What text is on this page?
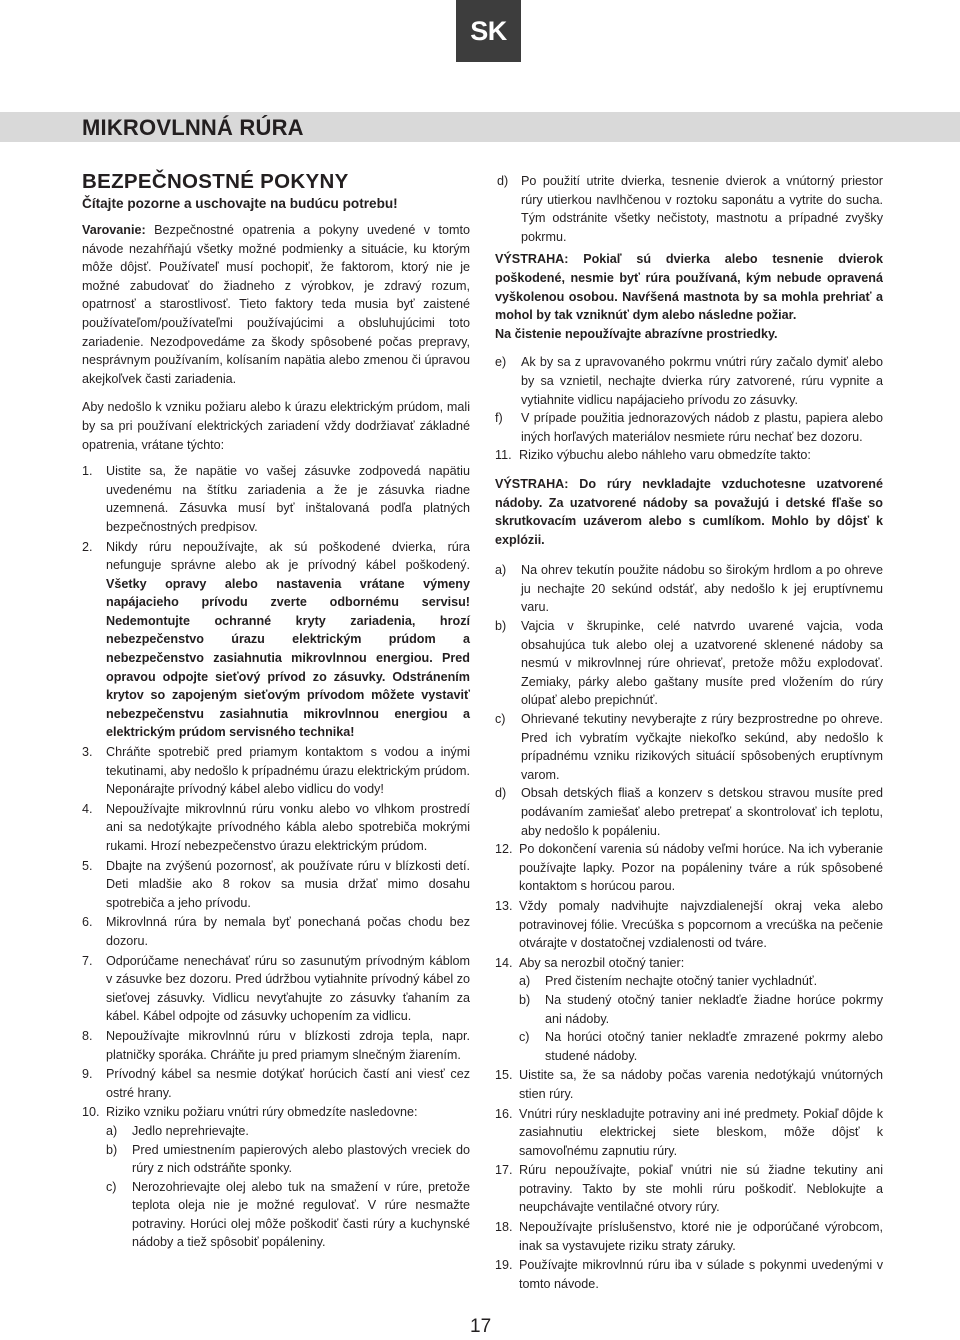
SK
MIKROVLNNÁ RÚRA
BEZPEČNOSTNÉ POKYNY
Čítajte pozorne a uschovajte na budúcu potrebu!

Varovanie: Bezpečnostné opatrenia a pokyny uvedené v tomto návode nezahŕňajú všetky možné podmienky a situácie, ku ktorým môže dôjsť. Používateľ musí pochopiť, že faktorom, ktorý nie je možné zabudovať do žiadneho z výrobkov, je zdravý rozum, opatrnosť a starostlivosť. Tieto faktory teda musia byť zaistené používateľom/používateľmi používajúcimi a obsluhujúcimi toto zariadenie. Nezodpovedáme za škody spôsobené počas prepravy, nesprávnym používaním, kolísaním napätia alebo zmenou či úpravou akejkoľvek časti zariadenia.

Aby nedošlo k vzniku požiaru alebo k úrazu elektrickým prúdom, mali by sa pri používaní elektrických zariadení vždy dodržiavať základné opatrenia, vrátane týchto:

1. Uistite sa, že napätie vo vašej zásuvke zodpovedá napätiu uvedenému na štítku zariadenia a že je zásuvka riadne uzemnená. Zásuvka musí byť inštalovaná podľa platných bezpečnostných predpisov.
2. Nikdy rúru nepoužívajte, ak sú poškodené dvierka, rúra nefunguje správne alebo ak je prívodný kábel poškodený. Všetky opravy alebo nastavenia vrátane výmeny napájacieho prívodu zverte odbornému servisu! Nedemontujte ochranné kryty zariadenia, hrozí nebezpečenstvo úrazu elektrickým prúdom a nebezpečenstvo zasiahnutia mikrovlnnou energiou. Pred opravou odpojte sieťový prívod zo zásuvky. Odstránením krytov so zapojeným sieťovým prívodom môžete vystaviť nebezpečenstvu zasiahnutia mikrovlnnou energiou a elektrickým prúdom servisného technika!
3. Chráňte spotrebič pred priamym kontaktom s vodou a inými tekutinami, aby nedošlo k prípadnému úrazu elektrickým prúdom. Neponárajte prívodný kábel alebo vidlicu do vody!
4. Nepoužívajte mikrovlnnú rúru vonku alebo vo vlhkom prostredí ani sa nedotýkajte prívodného kábla alebo spotrebiča mokrými rukami. Hrozí nebezpečenstvo úrazu elektrickým prúdom.
5. Dbajte na zvýšenú pozornosť, ak používate rúru v blízkosti detí. Deti mladšie ako 8 rokov sa musia držať mimo dosahu spotrebiča a jeho prívodu.
6. Mikrovlnná rúra by nemala byť ponechaná počas chodu bez dozoru.
7. Odporúčame nenechávať rúru so zasunutým prívodným káblom v zásuvke bez dozoru. Pred údržbou vytiahnite prívodný kábel zo sieťovej zásuvky. Vidlicu nevyťahujte zo zásuvky ťahaním za kábel. Kábel odpojte od zásuvky uchopením za vidlicu.
8. Nepoužívajte mikrovlnnú rúru v blízkosti zdroja tepla, napr. platničky sporáka. Chráňte ju pred priamym slnečným žiarením.
9. Prívodný kábel sa nesmie dotýkať horúcich častí ani viesť cez ostré hrany.
10. Riziko vzniku požiaru vnútri rúry obmedzíte nasledovne:
a) Jedlo neprehrievajte.
b) Pred umiestnením papierových alebo plastových vreciek do rúry z nich odstráňte sponky.
c) Nerozohrievajte olej alebo tuk na smažení v rúre, pretože teplota oleja nie je možné regulovať. V rúre nesmažte potraviny. Horúci olej môže poškodiť časti rúry a kuchynské nádoby a tiež spôsobiť popáleniny.
d) Po použití utrite dvierka, tesnenie dvierok a vnútorný priestor rúry utierkou navlhčenou v roztoku saponátu a vytrite do sucha. Tým odstránite všetky nečistoty, mastnotu a prípadné zvyšky pokrmu.
VÝSTRAHA: Pokiaľ sú dvierka alebo tesnenie dvierok poškodené, nesmie byť rúra používaná, kým nebude opravená vyškolenou osobou. Navŕšená mastnota by sa mohla prehriať a mohol by tak vzniknúť dym alebo následne požiar.
Na čistenie nepoužívajte abrazívne prostriedky.
e) Ak by sa z upravovaného pokrmu vnútri rúry začalo dymiť alebo by sa vznietil, nechajte dvierka rúry zatvorené, rúru vypnite a vytiahnite vidlicu napájacieho prívodu zo zásuvky.
f) V prípade použitia jednorazových nádob z plastu, papiera alebo iných horľavých materiálov nesmiete rúru nechať bez dozoru.
11. Riziko výbuchu alebo náhleho varu obmedzíte takto:
VÝSTRAHA: Do rúry nevkladajte vzduchotesne uzatvorené nádoby. Za uzatvorené nádoby sa považujú i detské fľaše so skrutkovacím uzáverom alebo s cumlíkom. Mohlo by dôjsť k explózii.
a) Na ohrev tekutín použite nádobu so širokým hrdlom a po ohreve ju nechajte 20 sekúnd odstáť, aby nedošlo k jej eruptívnemu varu.
b) Vajcia v škrupinke, celé natvrdo uvarené vajcia, voda obsahujúca tuk alebo olej a uzatvorené sklenené nádoby sa nesmú v mikrovlnnej rúre ohrievať, pretože môžu explodovať. Zemiaky, párky alebo gaštany musíte pred vložením do rúry olúpať alebo prepichnúť.
c) Ohrievané tekutiny nevyberajte z rúry bezprostredne po ohreve. Pred ich vybratím vyčkajte niekoľko sekúnd, aby nedošlo k prípadnému vzniku rizikových situácií spôsobených eruptívnym varom.
d) Obsah detských fliaš a konzerv s detskou stravou musíte pred podávaním zamiešať alebo pretrepať a skontrolovať ich teplotu, aby nedošlo k popáleniu.
12. Po dokončení varenia sú nádoby veľmi horúce. Na ich vyberanie používajte lapky. Pozor na popáleniny tváre a rúk spôsobené kontaktom s horúcou parou.
13. Vždy pomaly nadvihujte najvzdialenejší okraj veka alebo potravinovej fólie. Vrecúška s popcornom a vrecúška na pečenie otvárajte v dostatočnej vzdialenosti od tváre.
14. Aby sa nerozbil otočný tanier:
a) Pred čistením nechajte otočný tanier vychladnúť.
b) Na studený otočný tanier nekladťe žiadne horúce pokrmy ani nádoby.
c) Na horúci otočný tanier nekladťe zmrazené pokrmy alebo studené nádoby.
15. Uistite sa, že sa nádoby počas varenia nedotýkajú vnútorných stien rúry.
16. Vnútri rúry neskladujte potraviny ani iné predmety. Pokiaľ dôjde k zasiahnutiu elektrickej siete bleskom, môže dôjsť k samovoľnému zapnutiu rúry.
17. Rúru nepoužívajte, pokiaľ vnútri nie sú žiadne tekutiny ani potraviny. Takto by ste mohli rúru poškodiť. Neblokujte a neupchávajte ventilačné otvory rúry.
18. Nepoužívajte príslušenstvo, ktoré nie je odporúčané výrobcom, inak sa vystavujete riziku straty záruky.
19. Používajte mikrovlnnú rúru iba v súlade s pokynmi uvedenými v tomto návode.
17
